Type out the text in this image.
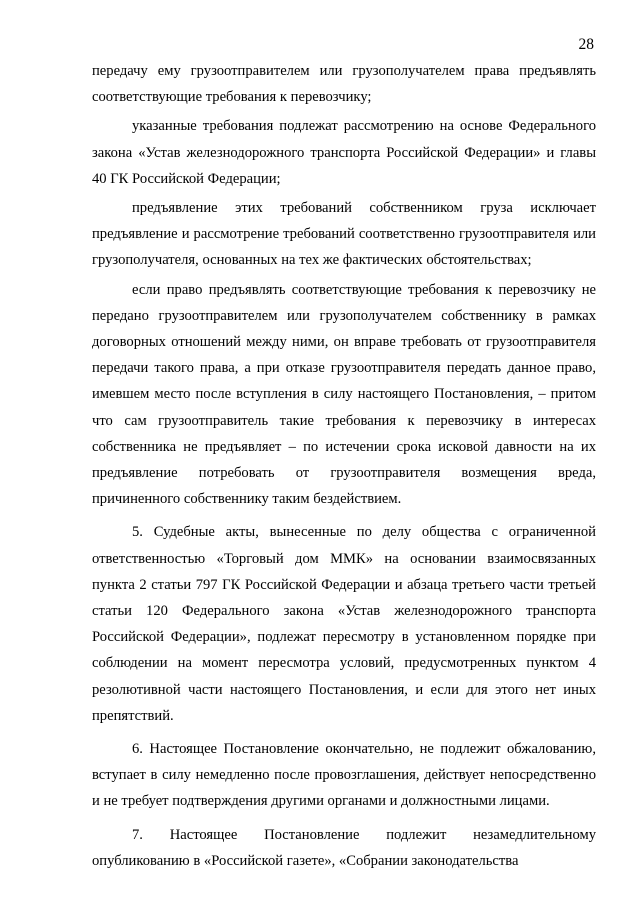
28

передачу ему грузоотправителем или грузополучателем права предъявлять соответствующие требования к перевозчику;

указанные требования подлежат рассмотрению на основе Федерального закона «Устав железнодорожного транспорта Российской Федерации» и главы 40 ГК Российской Федерации;

предъявление этих требований собственником груза исключает предъявление и рассмотрение требований соответственно грузоотправителя или грузополучателя, основанных на тех же фактических обстоятельствах;

если право предъявлять соответствующие требования к перевозчику не передано грузоотправителем или грузополучателем собственнику в рамках договорных отношений между ними, он вправе требовать от грузоотправителя передачи такого права, а при отказе грузоотправителя передать данное право, имевшем место после вступления в силу настоящего Постановления, – притом что сам грузоотправитель такие требования к перевозчику в интересах собственника не предъявляет – по истечении срока исковой давности на их предъявление потребовать от грузоотправителя возмещения вреда, причиненного собственнику таким бездействием.

5. Судебные акты, вынесенные по делу общества с ограниченной ответственностью «Торговый дом ММК» на основании взаимосвязанных пункта 2 статьи 797 ГК Российской Федерации и абзаца третьего части третьей статьи 120 Федерального закона «Устав железнодорожного транспорта Российской Федерации», подлежат пересмотру в установленном порядке при соблюдении на момент пересмотра условий, предусмотренных пунктом 4 резолютивной части настоящего Постановления, и если для этого нет иных препятствий.

6. Настоящее Постановление окончательно, не подлежит обжалованию, вступает в силу немедленно после провозглашения, действует непосредственно и не требует подтверждения другими органами и должностными лицами.

7. Настоящее Постановление подлежит незамедлительному опубликованию в «Российской газете», «Собрании законодательства
